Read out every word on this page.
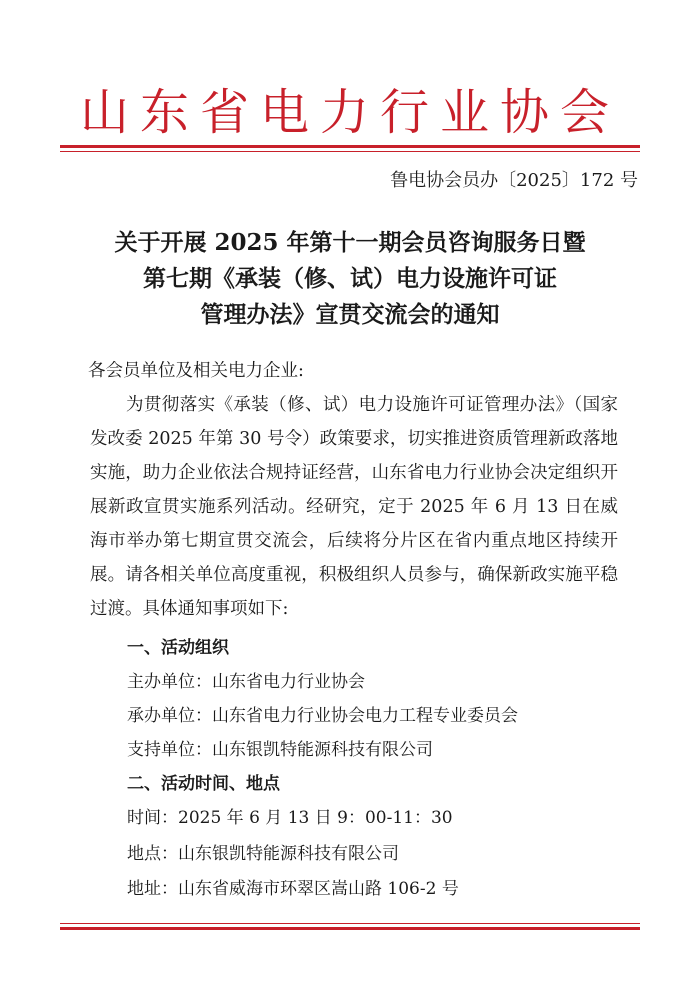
山东省电力行业协会
鲁电协会员办〔2025〕172 号
关于开展 2025 年第十一期会员咨询服务日暨
第七期《承装（修、试）电力设施许可证
管理办法》宣贯交流会的通知
各会员单位及相关电力企业:
为贯彻落实《承装（修、试）电力设施许可证管理办法》（国家发改委 2025 年第 30 号令）政策要求，切实推进资质管理新政落地实施，助力企业依法合规持证经营，山东省电力行业协会决定组织开展新政宣贯实施系列活动。经研究，定于 2025 年 6 月 13 日在威海市举办第七期宣贯交流会，后续将分片区在省内重点地区持续开展。请各相关单位高度重视，积极组织人员参与，确保新政实施平稳过渡。具体通知事项如下:
一、活动组织
主办单位：山东省电力行业协会
承办单位：山东省电力行业协会电力工程专业委员会
支持单位：山东银凯特能源科技有限公司
二、活动时间、地点
时间：2025 年 6 月 13 日 9：00-11：30
地点：山东银凯特能源科技有限公司
地址：山东省威海市环翠区嵩山路 106-2 号
